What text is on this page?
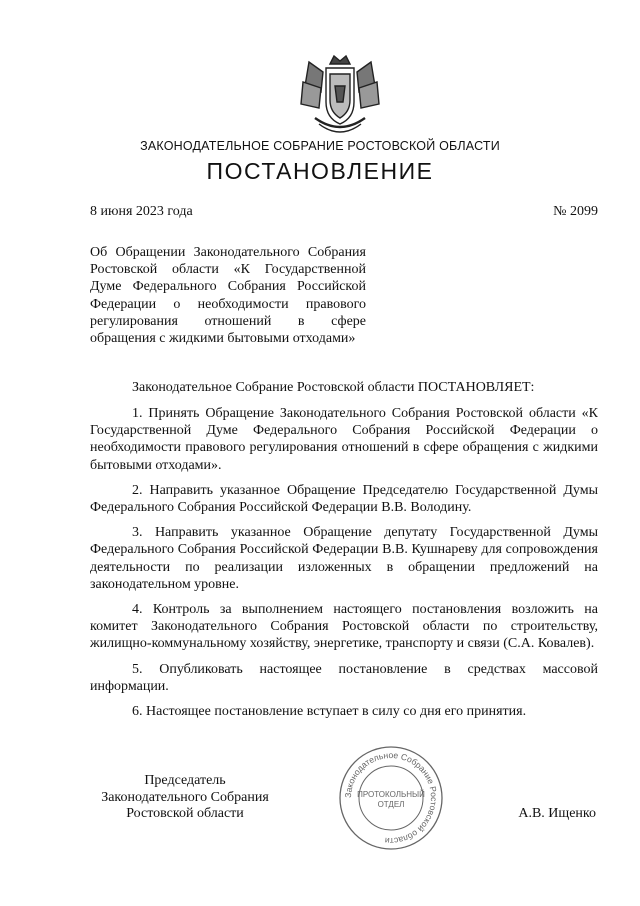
ЗАКОНОДАТЕЛЬНОЕ СОБРАНИЕ РОСТОВСКОЙ ОБЛАСТИ
ПОСТАНОВЛЕНИЕ
8 июня 2023 года	№ 2099
Об Обращении Законодательного Собрания Ростовской области «К Государственной Думе Федерального Собрания Российской Федерации о необходимости правового регулирования отношений в сфере обращения с жидкими бытовыми отходами»
Законодательное Собрание Ростовской области ПОСТАНОВЛЯЕТ:

1. Принять Обращение Законодательного Собрания Ростовской области «К Государственной Думе Федерального Собрания Российской Федерации о необходимости правового регулирования отношений в сфере обращения с жидкими бытовыми отходами».

2. Направить указанное Обращение Председателю Государственной Думы Федерального Собрания Российской Федерации В.В. Володину.

3. Направить указанное Обращение депутату Государственной Думы Федерального Собрания Российской Федерации В.В. Кушнареву для сопровождения деятельности по реализации изложенных в обращении предложений на законодательном уровне.

4. Контроль за выполнением настоящего постановления возложить на комитет Законодательного Собрания Ростовской области по строительству, жилищно-коммунальному хозяйству, энергетике, транспорту и связи (С.А. Ковалев).

5. Опубликовать настоящее постановление в средствах массовой информации.

6. Настоящее постановление вступает в силу со дня его принятия.

Председатель
Законодательного Собрания
Ростовской области
Законодательное Собрание Ростовской области
ПРОТОКОЛЬНЫЙ
ОТДЕЛ
А.В. Ищенко
